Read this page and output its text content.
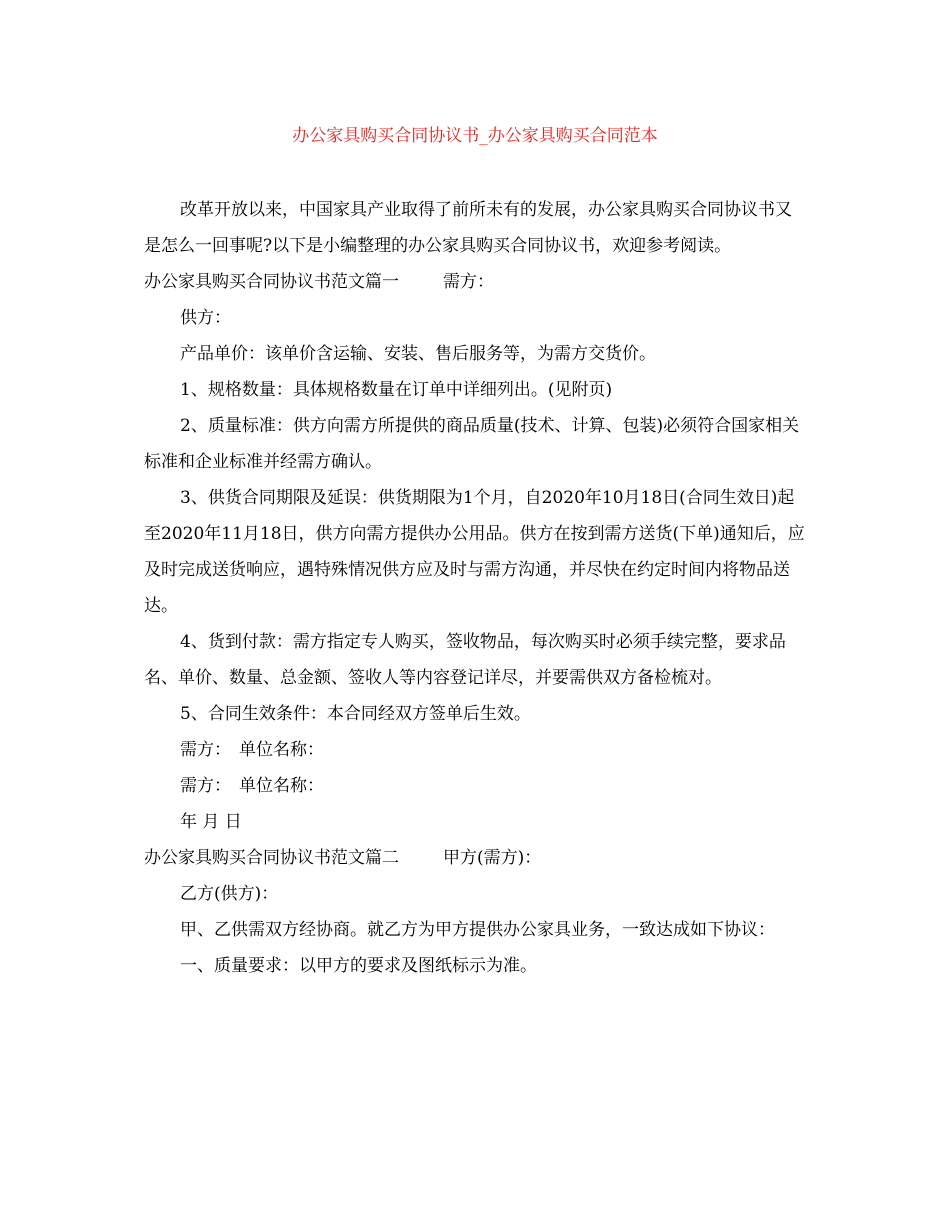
办公家具购买合同协议书_办公家具购买合同范本

改革开放以来，中国家具产业取得了前所未有的发展，办公家具购买合同协议书又是怎么一回事呢?以下是小编整理的办公家具购买合同协议书，欢迎参考阅读。

办公家具购买合同协议书范文篇一	需方：

供方：

产品单价：该单价含运输、安装、售后服务等，为需方交货价。

1、规格数量：具体规格数量在订单中详细列出。(见附页)

2、质量标准：供方向需方所提供的商品质量(技术、计算、包装)必须符合国家相关标准和企业标准并经需方确认。

3、供货合同期限及延误：供货期限为1个月，自2020年10月18日(合同生效日)起至2020年11月18日，供方向需方提供办公用品。供方在按到需方送货(下单)通知后，应及时完成送货响应，遇特殊情况供方应及时与需方沟通，并尽快在约定时间内将物品送达。

4、货到付款：需方指定专人购买，签收物品，每次购买时必须手续完整，要求品名、单价、数量、总金额、签收人等内容登记详尽，并要需供双方备检梳对。

5、合同生效条件：本合同经双方签单后生效。

需方： 单位名称：

需方： 单位名称：

年 月 日

办公家具购买合同协议书范文篇二	甲方(需方)：

乙方(供方)：

甲、乙供需双方经协商。就乙方为甲方提供办公家具业务，一致达成如下协议：

一、质量要求：以甲方的要求及图纸标示为准。
